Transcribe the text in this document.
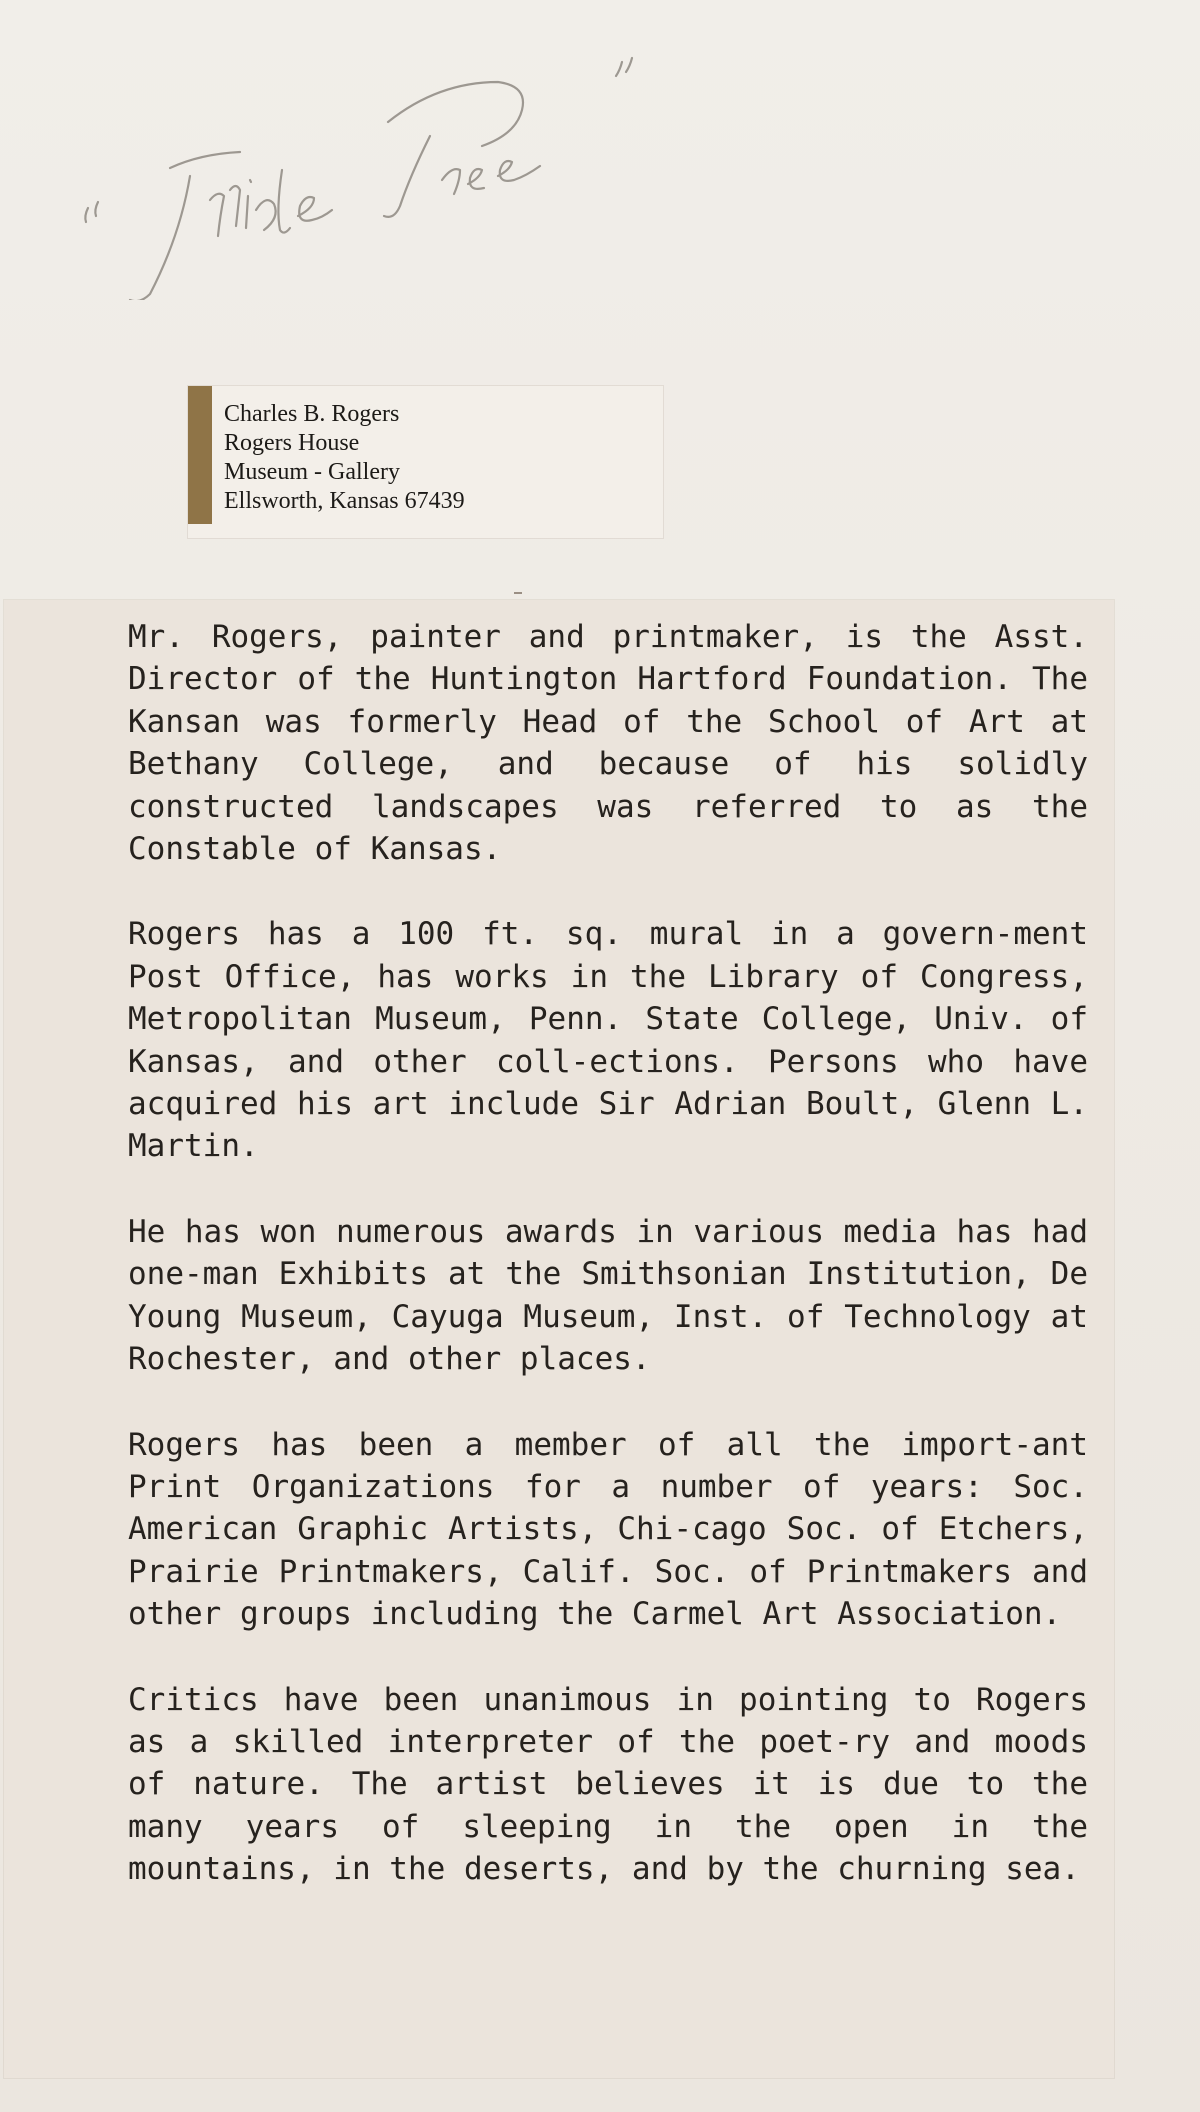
Charles B. Rogers
Rogers House
Museum - Gallery
Ellsworth, Kansas 67439

Mr. Rogers, painter and printmaker, is the Asst. Director of the Huntington Hartford Foundation. The Kansan was formerly Head of the School of Art at Bethany College, and because of his solidly constructed landscapes was referred to as the Constable of Kansas.

Rogers has a 100 ft. sq. mural in a govern-ment Post Office, has works in the Library of Congress, Metropolitan Museum, Penn. State College, Univ. of Kansas, and other coll-ections. Persons who have acquired his art include Sir Adrian Boult, Glenn L. Martin.

He has won numerous awards in various media has had one-man Exhibits at the Smithsonian Institution, De Young Museum, Cayuga Museum, Inst. of Technology at Rochester, and other places.

Rogers has been a member of all the import-ant Print Organizations for a number of years: Soc. American Graphic Artists, Chi-cago Soc. of Etchers, Prairie Printmakers, Calif. Soc. of Printmakers and other groups including the Carmel Art Association.

Critics have been unanimous in pointing to Rogers as a skilled interpreter of the poet-ry and moods of nature. The artist believes it is due to the many years of sleeping in the open in the mountains, in the deserts, and by the churning sea.
